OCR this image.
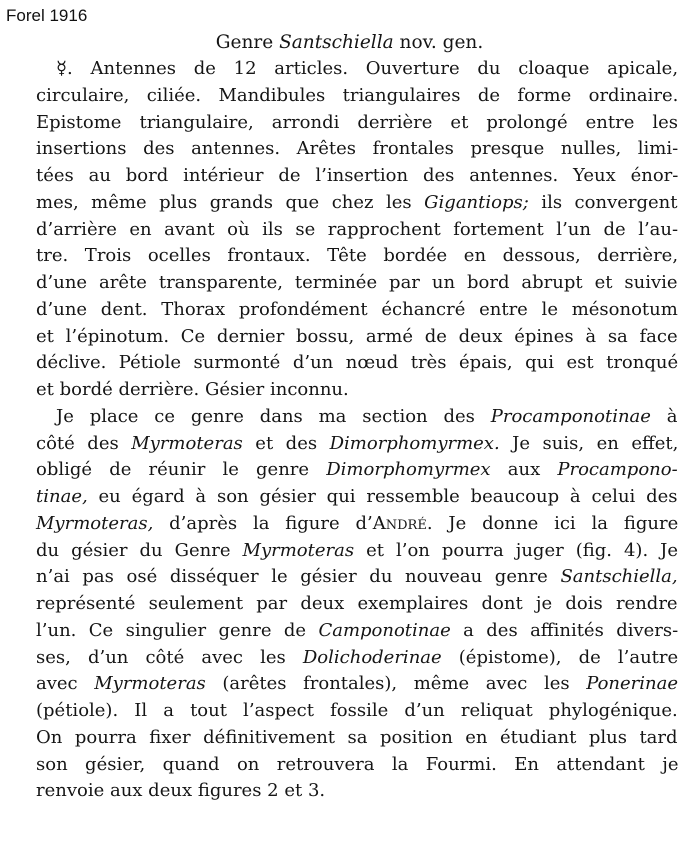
Forel 1916
Genre Santschiella nov. gen.
☿. Antennes de 12 articles. Ouverture du cloaque apicale,
circulaire, ciliée. Mandibules triangulaires de forme ordinaire.
Epistome triangulaire, arrondi derrière et prolongé entre les
insertions des antennes. Arêtes frontales presque nulles, limi-
tées au bord intérieur de l’insertion des antennes. Yeux énor-
mes, même plus grands que chez les Gigantiops; ils convergent
d’arrière en avant où ils se rapprochent fortement l’un de l’au-
tre. Trois ocelles frontaux. Tête bordée en dessous, derrière,
d’une arête transparente, terminée par un bord abrupt et suivie
d’une dent. Thorax profondément échancré entre le mésonotum
et l’épinotum. Ce dernier bossu, armé de deux épines à sa face
déclive. Pétiole surmonté d’un nœud très épais, qui est tronqué
et bordé derrière. Gésier inconnu.
Je place ce genre dans ma section des Procamponotinae à
côté des Myrmoteras et des Dimorphomyrmex. Je suis, en effet,
obligé de réunir le genre Dimorphomyrmex aux Procampono-
tinae, eu égard à son gésier qui ressemble beaucoup à celui des
Myrmoteras, d’après la figure d’André. Je donne ici la figure
du gésier du Genre Myrmoteras et l’on pourra juger (fig. 4). Je
n’ai pas osé disséquer le gésier du nouveau genre Santschiella,
représenté seulement par deux exemplaires dont je dois rendre
l’un. Ce singulier genre de Camponotinae a des affinités divers-
ses, d’un côté avec les Dolichoderinae (épistome), de l’autre
avec Myrmoteras (arêtes frontales), même avec les Ponerinae
(pétiole). Il a tout l’aspect fossile d’un reliquat phylogénique.
On pourra fixer définitivement sa position en étudiant plus tard
son gésier, quand on retrouvera la Fourmi. En attendant je
renvoie aux deux figures 2 et 3.
